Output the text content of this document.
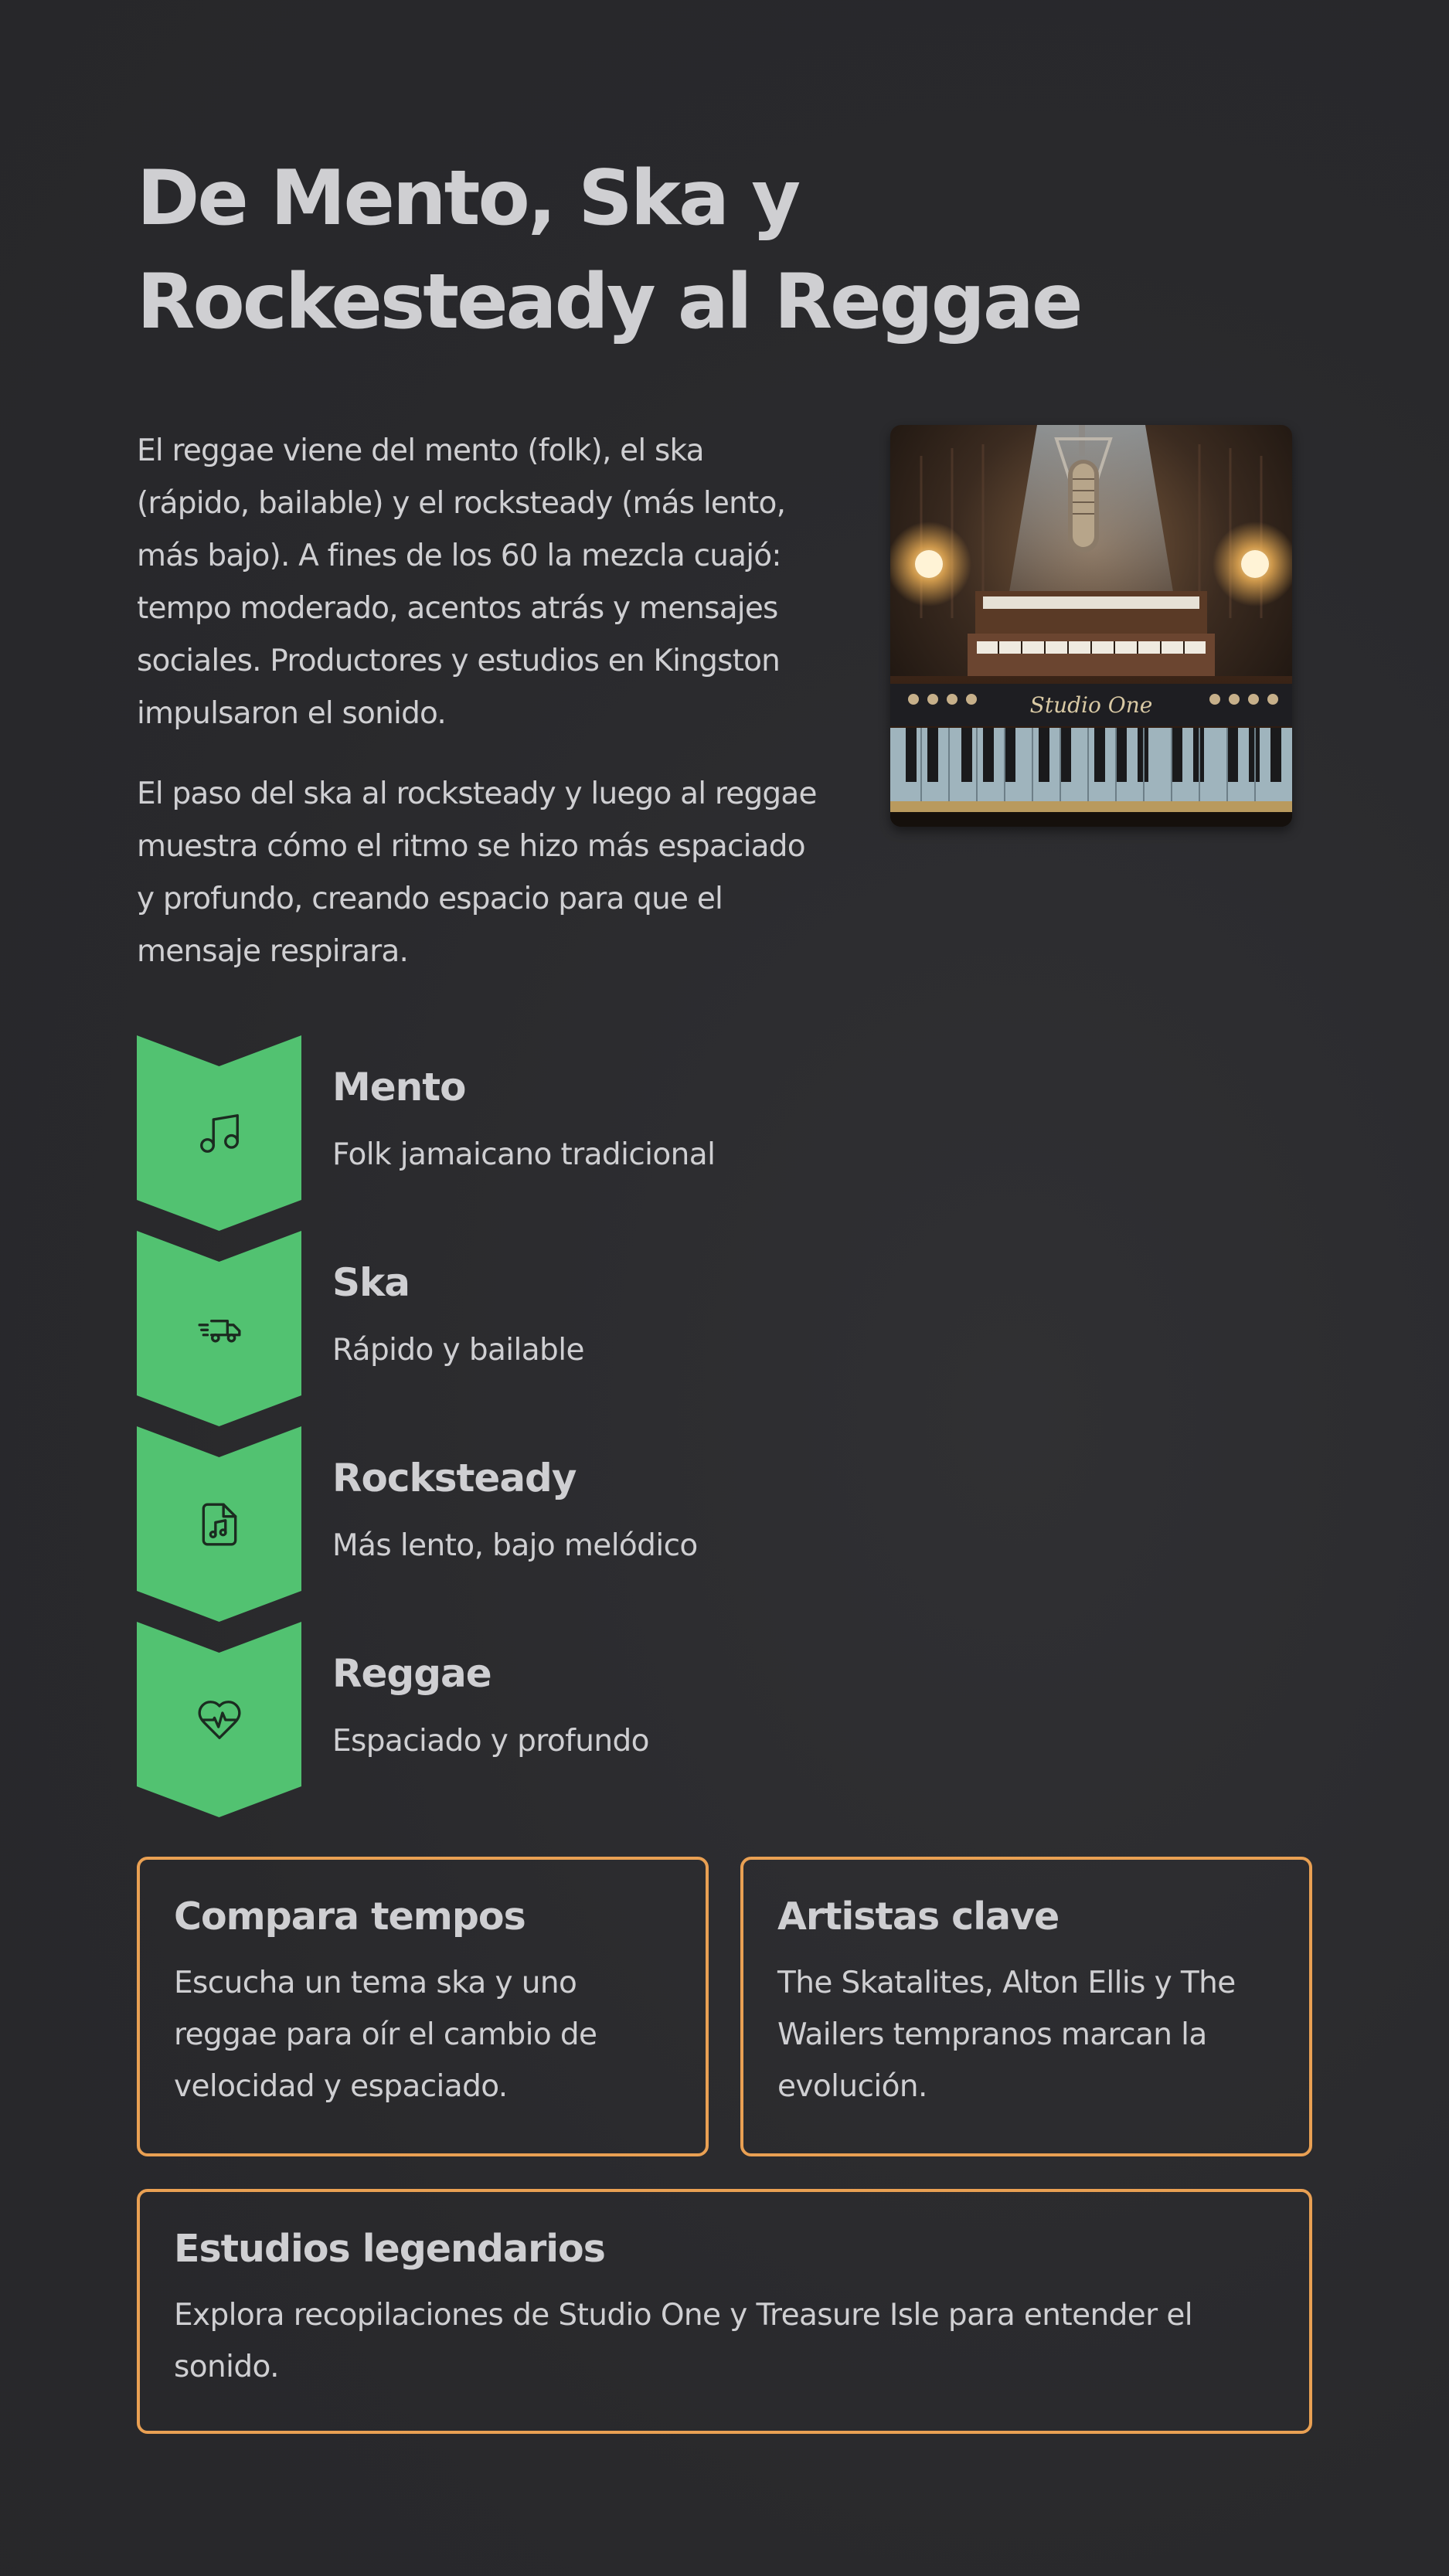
De Mento, Ska y Rockesteady al Reggae

El reggae viene del mento (folk), el ska (rápido, bailable) y el rocksteady (más lento, más bajo). A fines de los 60 la mezcla cuajó: tempo moderado, acentos atrás y mensajes sociales. Productores y estudios en Kingston impulsaron el sonido.

El paso del ska al rocksteady y luego al reggae muestra cómo el ritmo se hizo más espaciado y profundo, creando espacio para que el mensaje respirara.

Studio One
Mento
Folk jamaicano tradicional
Ska
Rápido y bailable
Rocksteady
Más lento, bajo melódico
Reggae
Espaciado y profundo
Compara tempos

Escucha un tema ska y uno reggae para oír el cambio de velocidad y espaciado.

Artistas clave

The Skatalites, Alton Ellis y The Wailers tempranos marcan la evolución.

Estudios legendarios

Explora recopilaciones de Studio One y Treasure Isle para entender el sonido.
